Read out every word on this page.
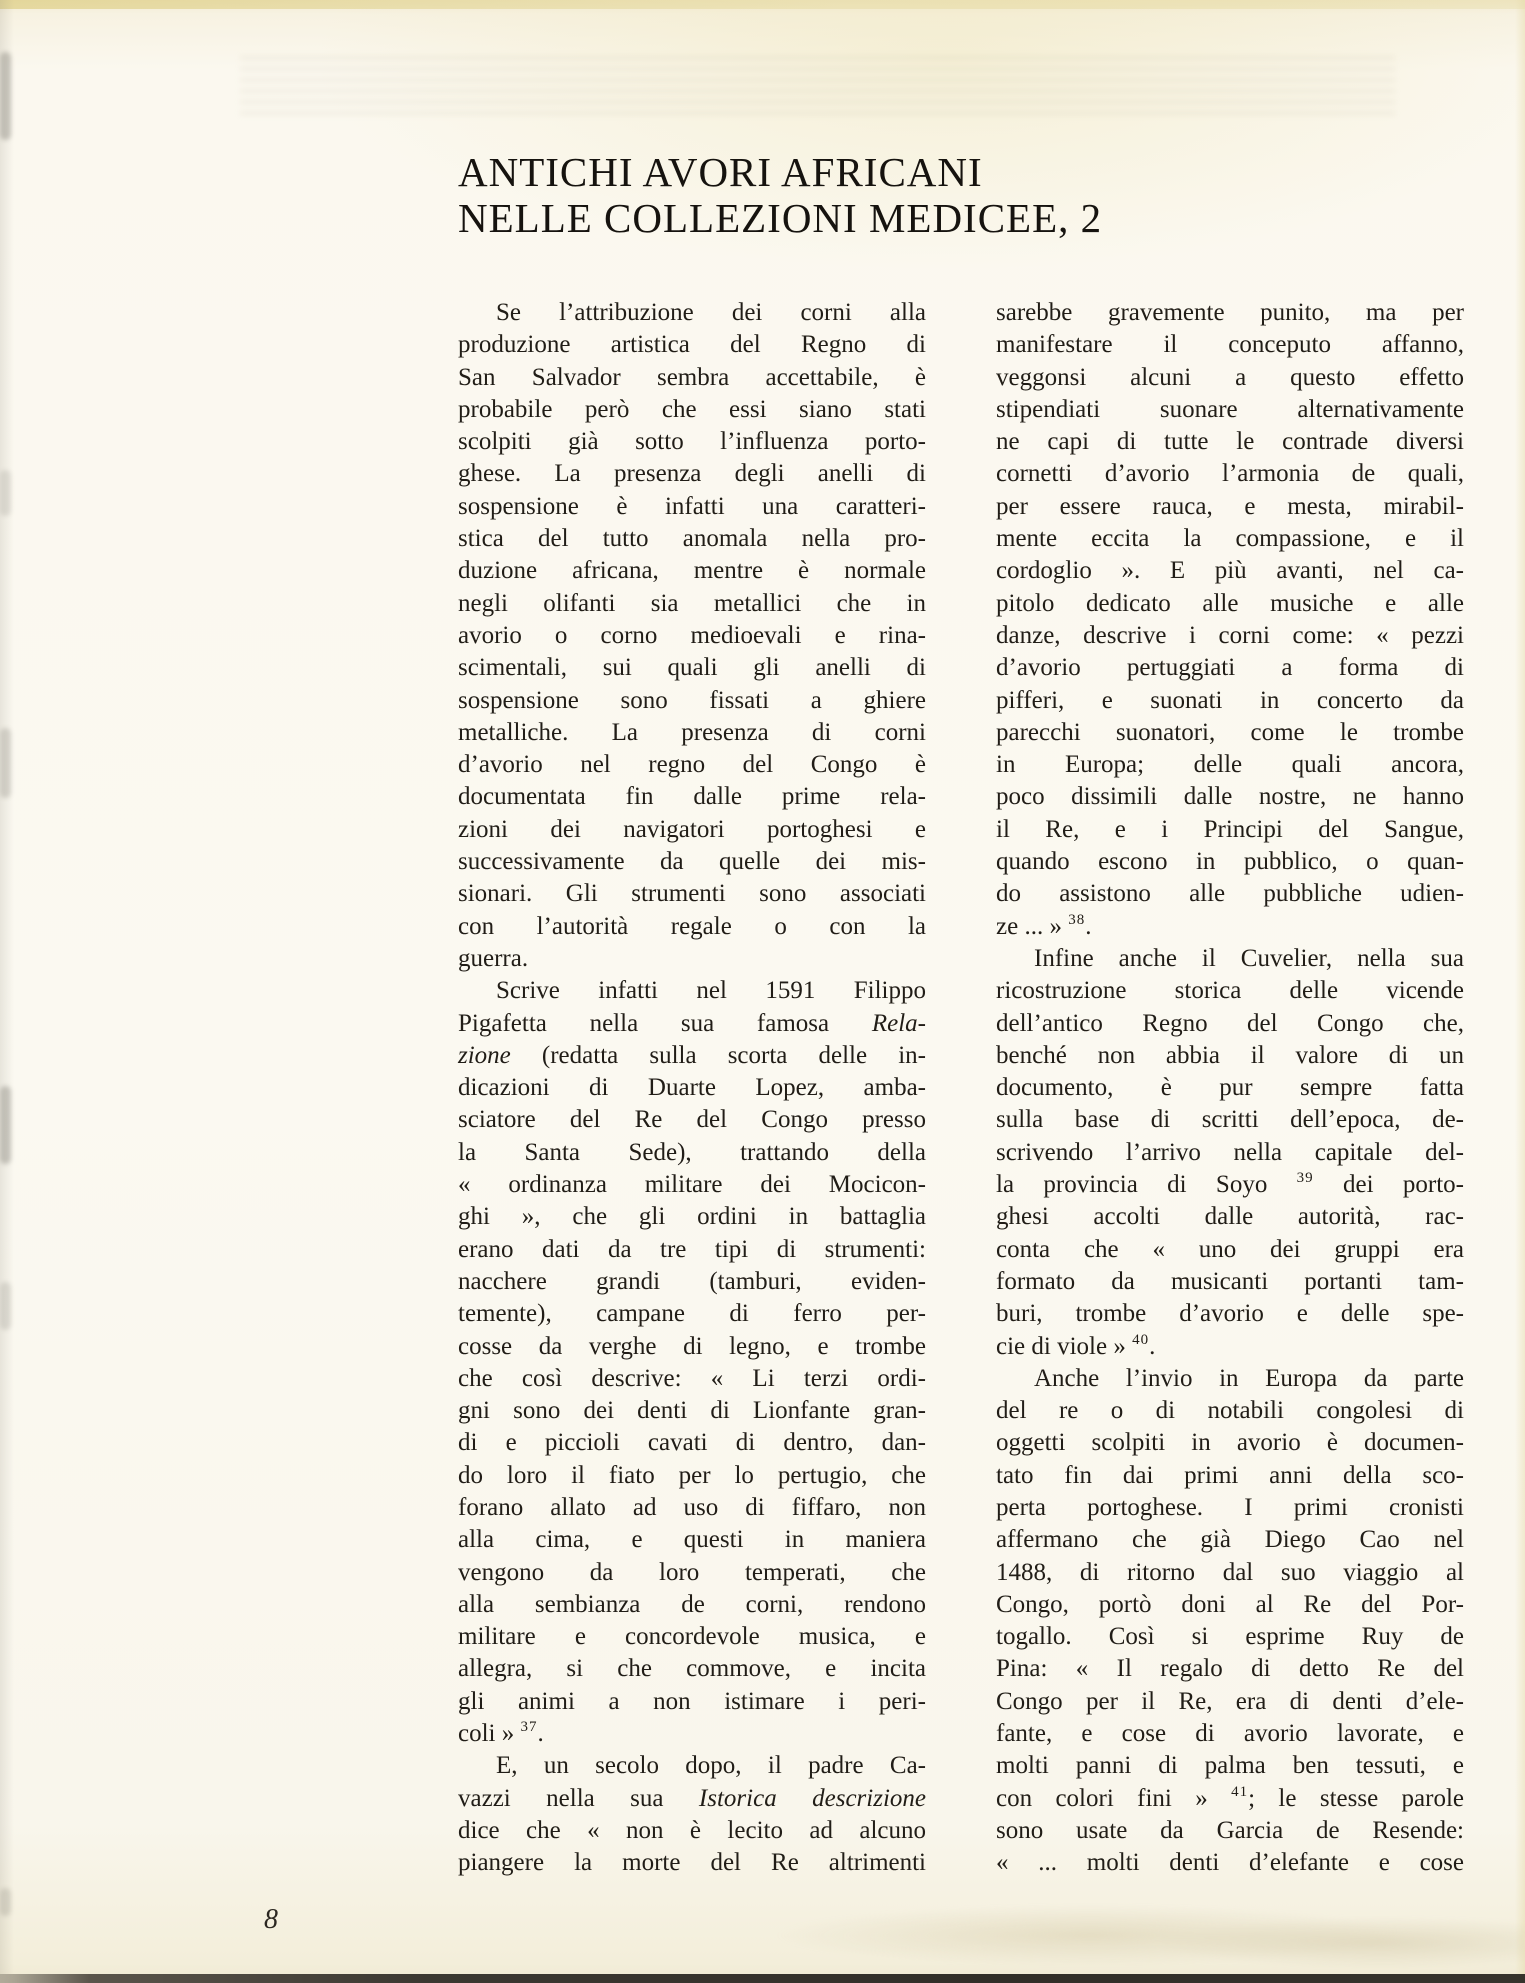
ANTICHI AVORI AFRICANI
NELLE COLLEZIONI MEDICEE, 2
Se l’attribuzione dei corni alla
produzione artistica del Regno di
San Salvador sembra accettabile, è
probabile però che essi siano stati
scolpiti già sotto l’influenza porto-
ghese. La presenza degli anelli di
sospensione è infatti una caratteri-
stica del tutto anomala nella pro-
duzione africana, mentre è normale
negli olifanti sia metallici che in
avorio o corno medioevali e rina-
scimentali, sui quali gli anelli di
sospensione sono fissati a ghiere
metalliche. La presenza di corni
d’avorio nel regno del Congo è
documentata fin dalle prime rela-
zioni dei navigatori portoghesi e
successivamente da quelle dei mis-
sionari. Gli strumenti sono associati
con l’autorità regale o con la
guerra.
Scrive infatti nel 1591 Filippo
Pigafetta nella sua famosa Rela-
zione (redatta sulla scorta delle in-
dicazioni di Duarte Lopez, amba-
sciatore del Re del Congo presso
la Santa Sede), trattando della
« ordinanza militare dei Mocicon-
ghi », che gli ordini in battaglia
erano dati da tre tipi di strumenti:
nacchere grandi (tamburi, eviden-
temente), campane di ferro per-
cosse da verghe di legno, e trombe
che così descrive: « Li terzi ordi-
gni sono dei denti di Lionfante gran-
di e piccioli cavati di dentro, dan-
do loro il fiato per lo pertugio, che
forano allato ad uso di fiffaro, non
alla cima, e questi in maniera
vengono da loro temperati, che
alla sembianza de corni, rendono
militare e concordevole musica, e
allegra, si che commove, e incita
gli animi a non istimare i peri-
coli » $^{37}$.
E, un secolo dopo, il padre Ca-
vazzi nella sua Istorica descrizione
dice che « non è lecito ad alcuno
piangere la morte del Re altrimenti
sarebbe gravemente punito, ma per
manifestare il conceputo affanno,
veggonsi alcuni a questo effetto
stipendiati suonare alternativamente
ne capi di tutte le contrade diversi
cornetti d’avorio l’armonia de quali,
per essere rauca, e mesta, mirabil-
mente eccita la compassione, e il
cordoglio ». E più avanti, nel ca-
pitolo dedicato alle musiche e alle
danze, descrive i corni come: « pezzi
d’avorio pertuggiati a forma di
pifferi, e suonati in concerto da
parecchi suonatori, come le trombe
in Europa; delle quali ancora,
poco dissimili dalle nostre, ne hanno
il Re, e i Principi del Sangue,
quando escono in pubblico, o quan-
do assistono alle pubbliche udien-
ze ... » $^{38}$.
Infine anche il Cuvelier, nella sua
ricostruzione storica delle vicende
dell’antico Regno del Congo che,
benché non abbia il valore di un
documento, è pur sempre fatta
sulla base di scritti dell’epoca, de-
scrivendo l’arrivo nella capitale del-
la provincia di Soyo $^{39}$ dei porto-
ghesi accolti dalle autorità, rac-
conta che « uno dei gruppi era
formato da musicanti portanti tam-
buri, trombe d’avorio e delle spe-
cie di viole » $^{40}$.
Anche l’invio in Europa da parte
del re o di notabili congolesi di
oggetti scolpiti in avorio è documen-
tato fin dai primi anni della sco-
perta portoghese. I primi cronisti
affermano che già Diego Cao nel
1488, di ritorno dal suo viaggio al
Congo, portò doni al Re del Por-
togallo. Così si esprime Ruy de
Pina: « Il regalo di detto Re del
Congo per il Re, era di denti d’ele-
fante, e cose di avorio lavorate, e
molti panni di palma ben tessuti, e
con colori fini » $^{41}$; le stesse parole
sono usate da Garcia de Resende:
« ... molti denti d’elefante e cose
8
